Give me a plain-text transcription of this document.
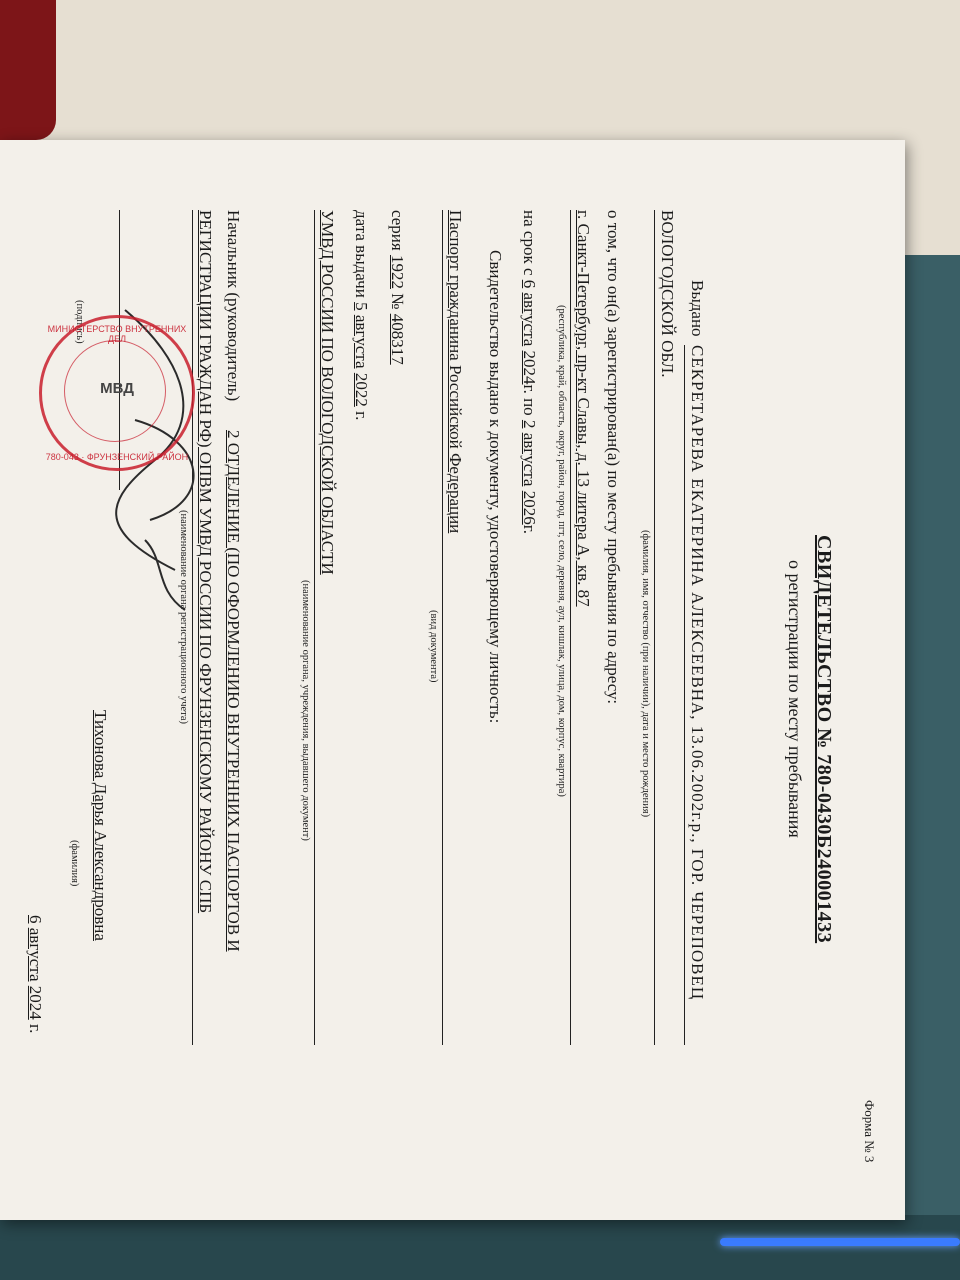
Форма № 3
СВИДЕТЕЛЬСТВО № 780-0430Б240001433
о регистрации по месту пребывания
Выдано
СЕКРЕТАРЕВА ЕКАТЕРИНА АЛЕКСЕЕВНА, 13.06.2002г.р., ГОР. ЧЕРЕПОВЕЦ
ВОЛОГОДСКОЙ ОБЛ.
(фамилия, имя, отчество (при наличии), дата и место рождения)
о том, что он(а) зарегистрирован(а) по месту пребывания по адресу:
г. Санкт-Петербург, пр-кт Славы, д. 13 литера А, кв. 87
(республика, край, область, округ, район, город, пгт, село, деревня, аул, кишлак, улица, дом, корпус, квартира)
на срок с 6 августа 2024г. по 2 августа 2026г.
Свидетельство выдано к документу, удостоверяющему личность:
Паспорт гражданина Российской Федерации
(вид документа)
серия 1922 № 408317
дата выдачи 5 августа 2022 г.
УМВД РОССИИ ПО ВОЛОГОДСКОЙ ОБЛАСТИ
(наименование органа, учреждения, выдавшего документ)
Начальник (руководитель)
2 ОТДЕЛЕНИЕ (ПО ОФОРМЛЕНИЮ ВНУТРЕННИХ ПАСПОРТОВ И
РЕГИСТРАЦИИ ГРАЖДАН РФ) ОПВМ УМВД РОССИИ ПО ФРУНЗЕНСКОМУ РАЙОНУ СПБ
(наименование органа регистрационного учета)
(подпись)
Тихонова Дарья Александровна
(фамилия)
6 августа 2024 г.
МИНИСТЕРСТВО ВНУТРЕННИХ ДЕЛ
МВД
780-043 · ФРУНЗЕНСКИЙ РАЙОН
